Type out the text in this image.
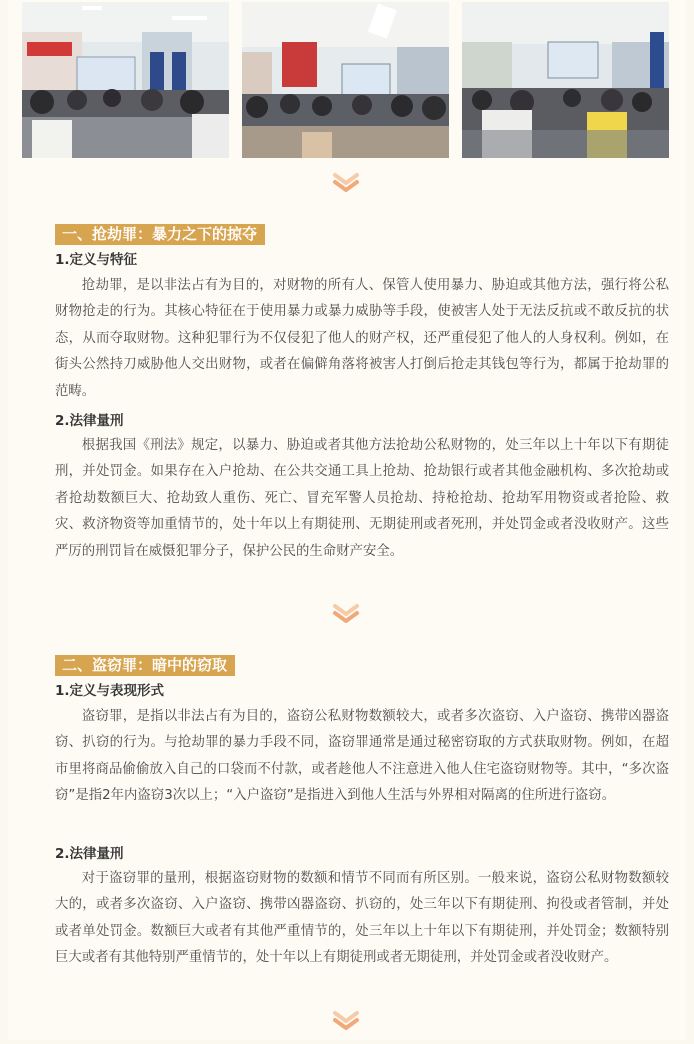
一、抢劫罪：暴力之下的掠夺
1.定义与特征
抢劫罪，是以非法占有为目的，对财物的所有人、保管人使用暴力、胁迫或其他方法，强行将公私财物抢走的行为。其核心特征在于使用暴力或暴力威胁等手段，使被害人处于无法反抗或不敢反抗的状态，从而夺取财物。这种犯罪行为不仅侵犯了他人的财产权，还严重侵犯了他人的人身权利。例如，在街头公然持刀威胁他人交出财物，或者在偏僻角落将被害人打倒后抢走其钱包等行为，都属于抢劫罪的范畴。
2.法律量刑
根据我国《刑法》规定，以暴力、胁迫或者其他方法抢劫公私财物的，处三年以上十年以下有期徒刑，并处罚金。如果存在入户抢劫、在公共交通工具上抢劫、抢劫银行或者其他金融机构、多次抢劫或者抢劫数额巨大、抢劫致人重伤、死亡、冒充军警人员抢劫、持枪抢劫、抢劫军用物资或者抢险、救灾、救济物资等加重情节的，处十年以上有期徒刑、无期徒刑或者死刑，并处罚金或者没收财产。这些严厉的刑罚旨在威慑犯罪分子，保护公民的生命财产安全。
二、盗窃罪：暗中的窃取
1.定义与表现形式
盗窃罪，是指以非法占有为目的，盗窃公私财物数额较大，或者多次盗窃、入户盗窃、携带凶器盗窃、扒窃的行为。与抢劫罪的暴力手段不同，盗窃罪通常是通过秘密窃取的方式获取财物。例如，在超市里将商品偷偷放入自己的口袋而不付款，或者趁他人不注意进入他人住宅盗窃财物等。其中，“多次盗窃”是指2年内盗窃3次以上；“入户盗窃”是指进入到他人生活与外界相对隔离的住所进行盗窃。
2.法律量刑
对于盗窃罪的量刑，根据盗窃财物的数额和情节不同而有所区别。一般来说，盗窃公私财物数额较大的，或者多次盗窃、入户盗窃、携带凶器盗窃、扒窃的，处三年以下有期徒刑、拘役或者管制，并处或者单处罚金。数额巨大或者有其他严重情节的，处三年以上十年以下有期徒刑，并处罚金；数额特别巨大或者有其他特别严重情节的，处十年以上有期徒刑或者无期徒刑，并处罚金或者没收财产。
